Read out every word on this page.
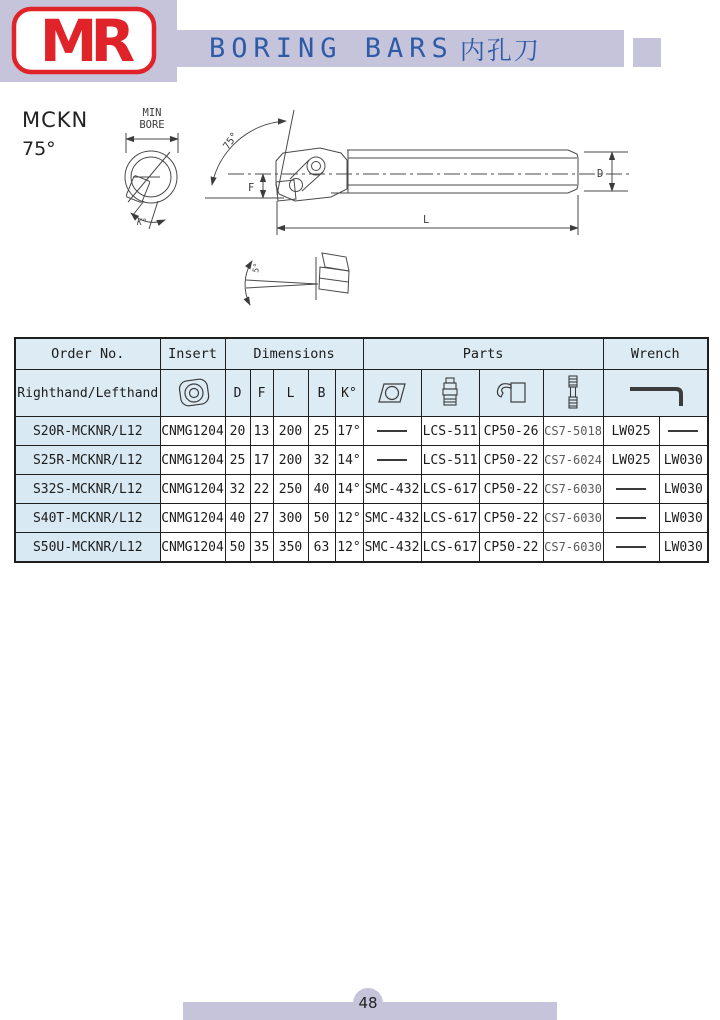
MR	BORING BARS 内孔刀
MCKN
75°
MIN
BORE
K°
75°
F
D
L
5°
Order No.	Insert	Dimensions					Parts				Wrench	
Righthand/Lefthand		D	F	L	B	K°	

S20R-MCKNR/L12	CNMG1204	20	13	200	25	17°		LCS-511	CP50-26	CS7-5018	LW025	
S25R-MCKNR/L12	CNMG1204	25	17	200	32	14°		LCS-511	CP50-22	CS7-6024	LW025	LW030
S32S-MCKNR/L12	CNMG1204	32	22	250	40	14°	SMC-432	LCS-617	CP50-22	CS7-6030		LW030
S40T-MCKNR/L12	CNMG1204	40	27	300	50	12°	SMC-432	LCS-617	CP50-22	CS7-6030		LW030
S50U-MCKNR/L12	CNMG1204	50	35	350	63	12°	SMC-432	LCS-617	CP50-22	CS7-6030		LW030
48
